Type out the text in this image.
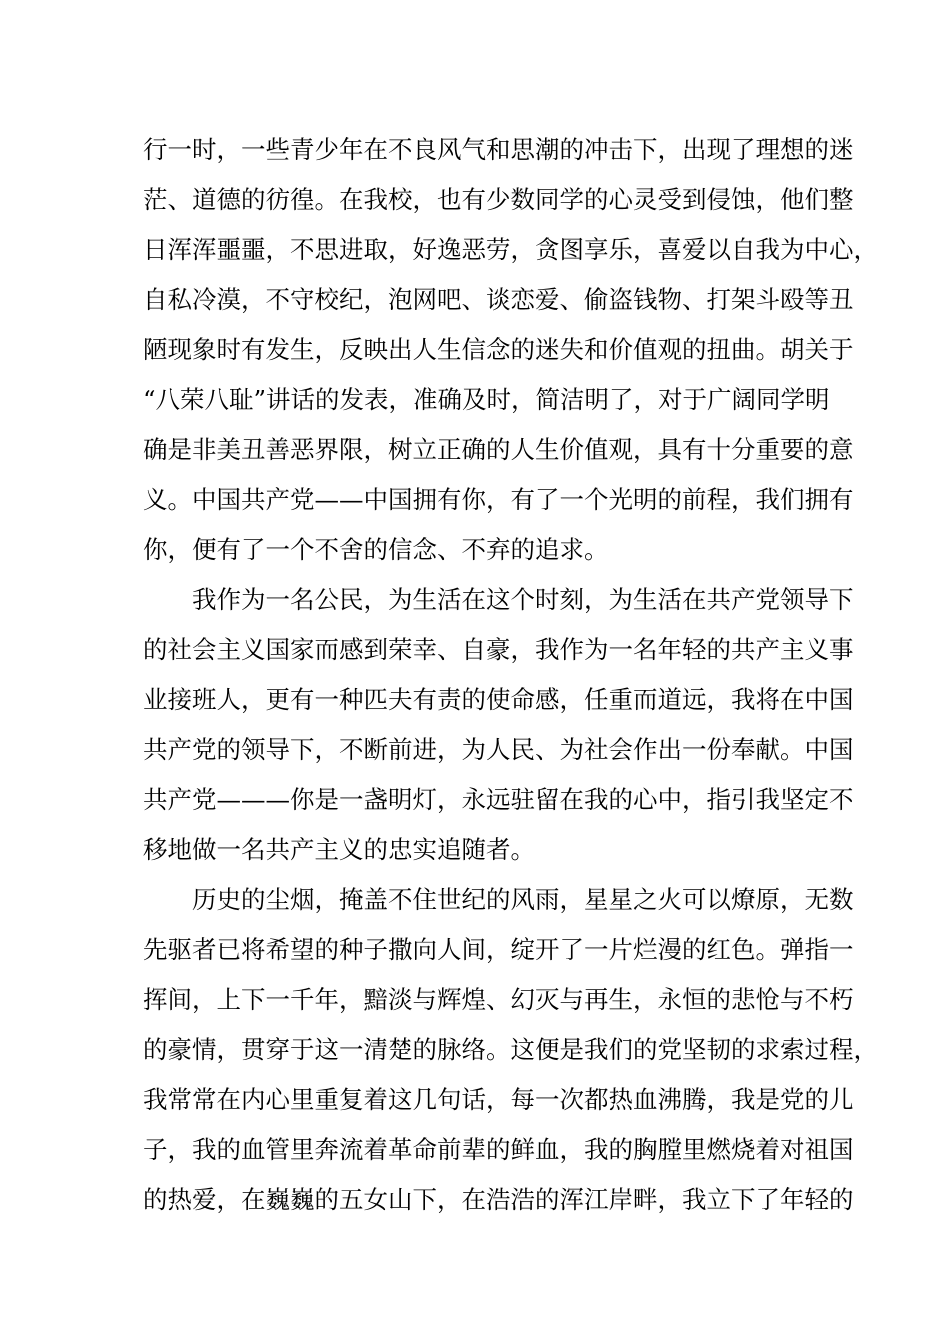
行一时，一些青少年在不良风气和思潮的冲击下，出现了理想的迷
茫、道德的彷徨。在我校，也有少数同学的心灵受到侵蚀，他们整
日浑浑噩噩，不思进取，好逸恶劳，贪图享乐，喜爱以自我为中心，
自私冷漠，不守校纪，泡网吧、谈恋爱、偷盗钱物、打架斗殴等丑
陋现象时有发生，反映出人生信念的迷失和价值观的扭曲。胡关于
“八荣八耻”讲话的发表，准确及时，简洁明了，对于广阔同学明
确是非美丑善恶界限，树立正确的人生价值观，具有十分重要的意
义。中国共产党——中国拥有你，有了一个光明的前程，我们拥有
你，便有了一个不舍的信念、不弃的追求。
我作为一名公民，为生活在这个时刻，为生活在共产党领导下
的社会主义国家而感到荣幸、自豪，我作为一名年轻的共产主义事
业接班人，更有一种匹夫有责的使命感，任重而道远，我将在中国
共产党的领导下，不断前进，为人民、为社会作出一份奉献。中国
共产党———你是一盏明灯，永远驻留在我的心中，指引我坚定不
移地做一名共产主义的忠实追随者。
历史的尘烟，掩盖不住世纪的风雨，星星之火可以燎原，无数
先驱者已将希望的种子撒向人间，绽开了一片烂漫的红色。弹指一
挥间，上下一千年，黯淡与辉煌、幻灭与再生，永恒的悲怆与不朽
的豪情，贯穿于这一清楚的脉络。这便是我们的党坚韧的求索过程，
我常常在内心里重复着这几句话，每一次都热血沸腾，我是党的儿
子，我的血管里奔流着革命前辈的鲜血，我的胸膛里燃烧着对祖国
的热爱，在巍巍的五女山下，在浩浩的浑江岸畔，我立下了年轻的
